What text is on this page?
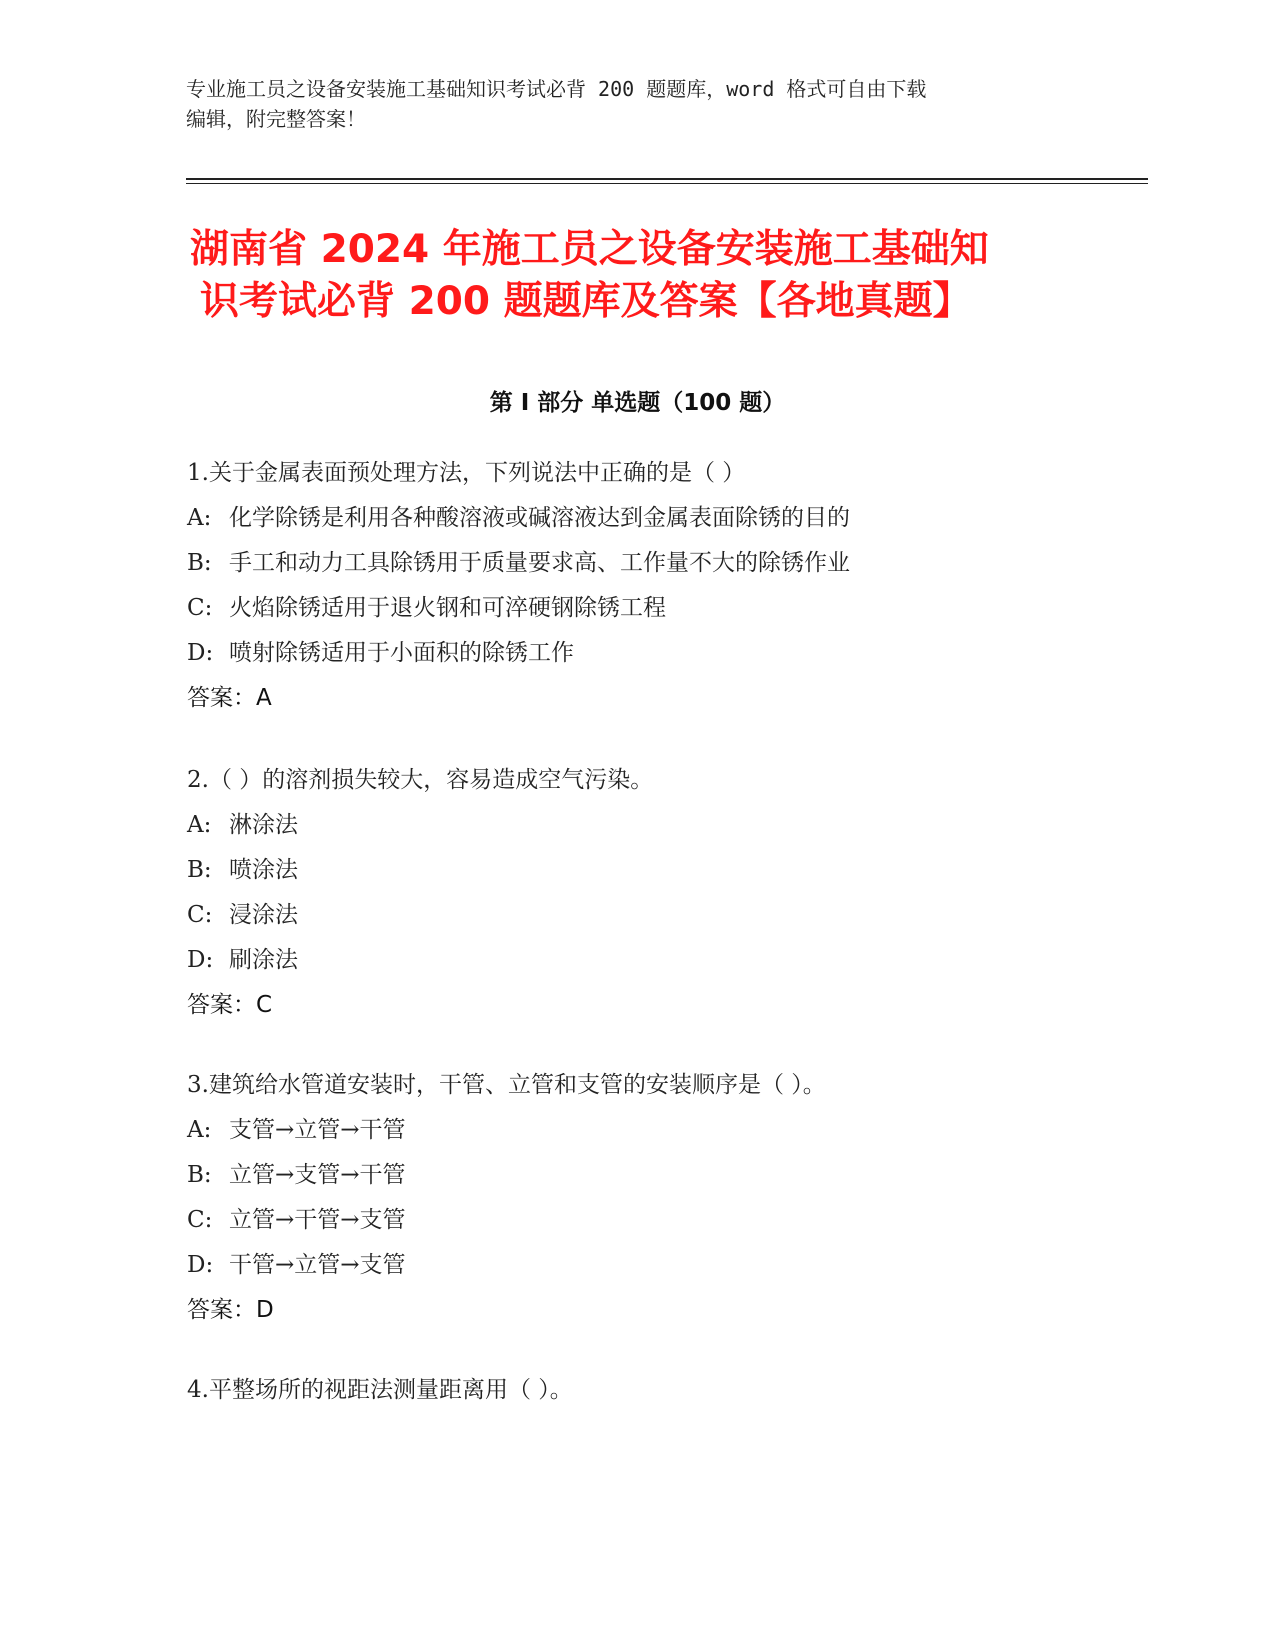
专业施工员之设备安装施工基础知识考试必背 200 题题库，word 格式可自由下载
编辑，附完整答案！
湖南省 2024 年施工员之设备安装施工基础知
识考试必背 200 题题库及答案【各地真题】
第 I 部分 单选题（100 题）
1.关于金属表面预处理方法，下列说法中正确的是（ ）
A: 化学除锈是利用各种酸溶液或碱溶液达到金属表面除锈的目的
B: 手工和动力工具除锈用于质量要求高、工作量不大的除锈作业
C: 火焰除锈适用于退火钢和可淬硬钢除锈工程
D: 喷射除锈适用于小面积的除锈工作
答案：A
2.（ ）的溶剂损失较大，容易造成空气污染。
A: 淋涂法
B: 喷涂法
C: 浸涂法
D: 刷涂法
答案：C
3.建筑给水管道安装时，干管、立管和支管的安装顺序是（ ）。
A: 支管→立管→干管
B: 立管→支管→干管
C: 立管→干管→支管
D: 干管→立管→支管
答案：D
4.平整场所的视距法测量距离用（ ）。
